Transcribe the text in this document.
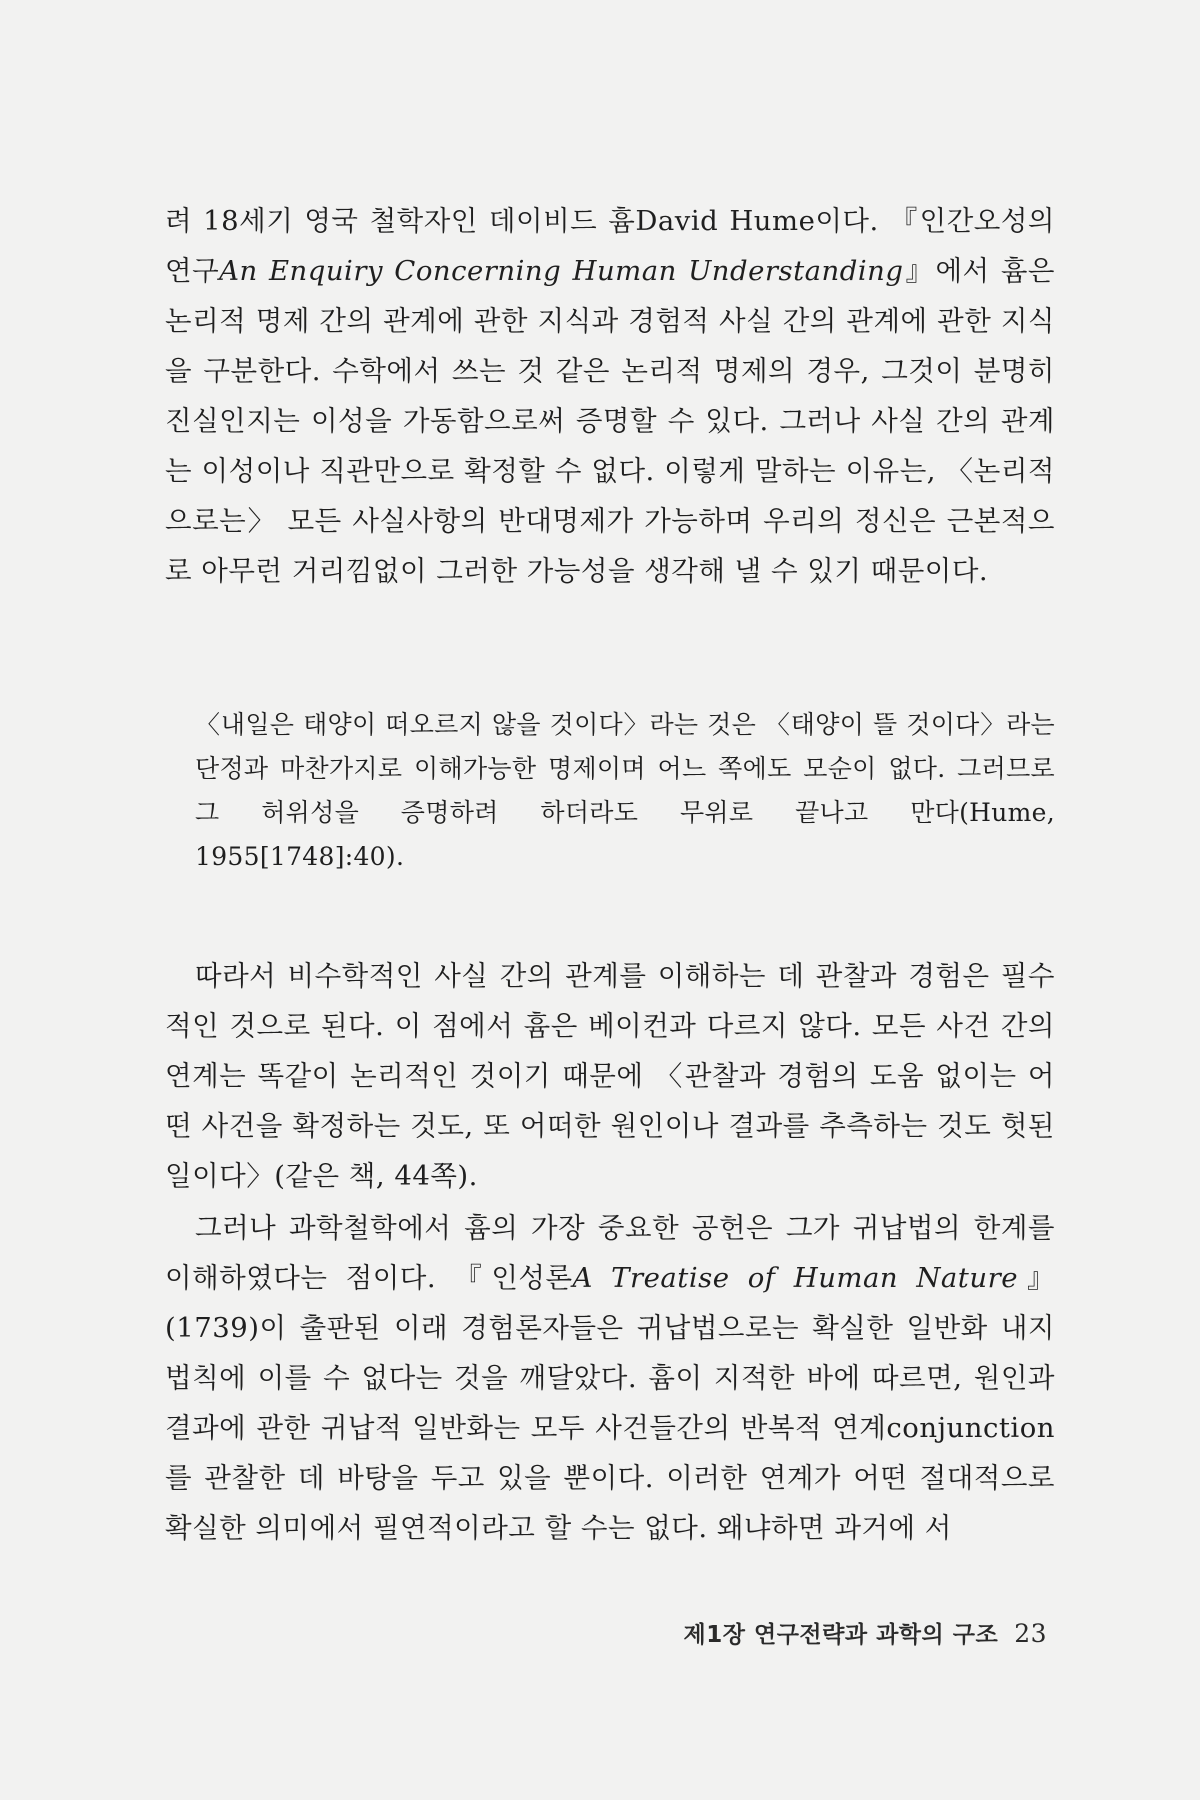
려 18세기 영국 철학자인 데이비드 흄David Hume이다. 『인간오성의 연구An Enquiry Concerning Human Understanding』에서 흄은 논리적 명제 간의 관계에 관한 지식과 경험적 사실 간의 관계에 관한 지식을 구분한다. 수학에서 쓰는 것 같은 논리적 명제의 경우, 그것이 분명히 진실인지는 이성을 가동함으로써 증명할 수 있다. 그러나 사실 간의 관계는 이성이나 직관만으로 확정할 수 없다. 이렇게 말하는 이유는, 〈논리적으로는〉 모든 사실사항의 반대명제가 가능하며 우리의 정신은 근본적으로 아무런 거리낌없이 그러한 가능성을 생각해 낼 수 있기 때문이다.

〈내일은 태양이 떠오르지 않을 것이다〉라는 것은 〈태양이 뜰 것이다〉라는 단정과 마찬가지로 이해가능한 명제이며 어느 쪽에도 모순이 없다. 그러므로 그 허위성을 증명하려 하더라도 무위로 끝나고 만다(Hume, 1955[1748]:40).

따라서 비수학적인 사실 간의 관계를 이해하는 데 관찰과 경험은 필수적인 것으로 된다. 이 점에서 흄은 베이컨과 다르지 않다. 모든 사건 간의 연계는 똑같이 논리적인 것이기 때문에 〈관찰과 경험의 도움 없이는 어떤 사건을 확정하는 것도, 또 어떠한 원인이나 결과를 추측하는 것도 헛된 일이다〉(같은 책, 44쪽).

그러나 과학철학에서 흄의 가장 중요한 공헌은 그가 귀납법의 한계를 이해하였다는 점이다. 『인성론A Treatise of Human Nature』(1739)이 출판된 이래 경험론자들은 귀납법으로는 확실한 일반화 내지 법칙에 이를 수 없다는 것을 깨달았다. 흄이 지적한 바에 따르면, 원인과 결과에 관한 귀납적 일반화는 모두 사건들간의 반복적 연계conjunction를 관찰한 데 바탕을 두고 있을 뿐이다. 이러한 연계가 어떤 절대적으로 확실한 의미에서 필연적이라고 할 수는 없다. 왜냐하면 과거에 서

제1장 연구전략과 과학의 구조 23
